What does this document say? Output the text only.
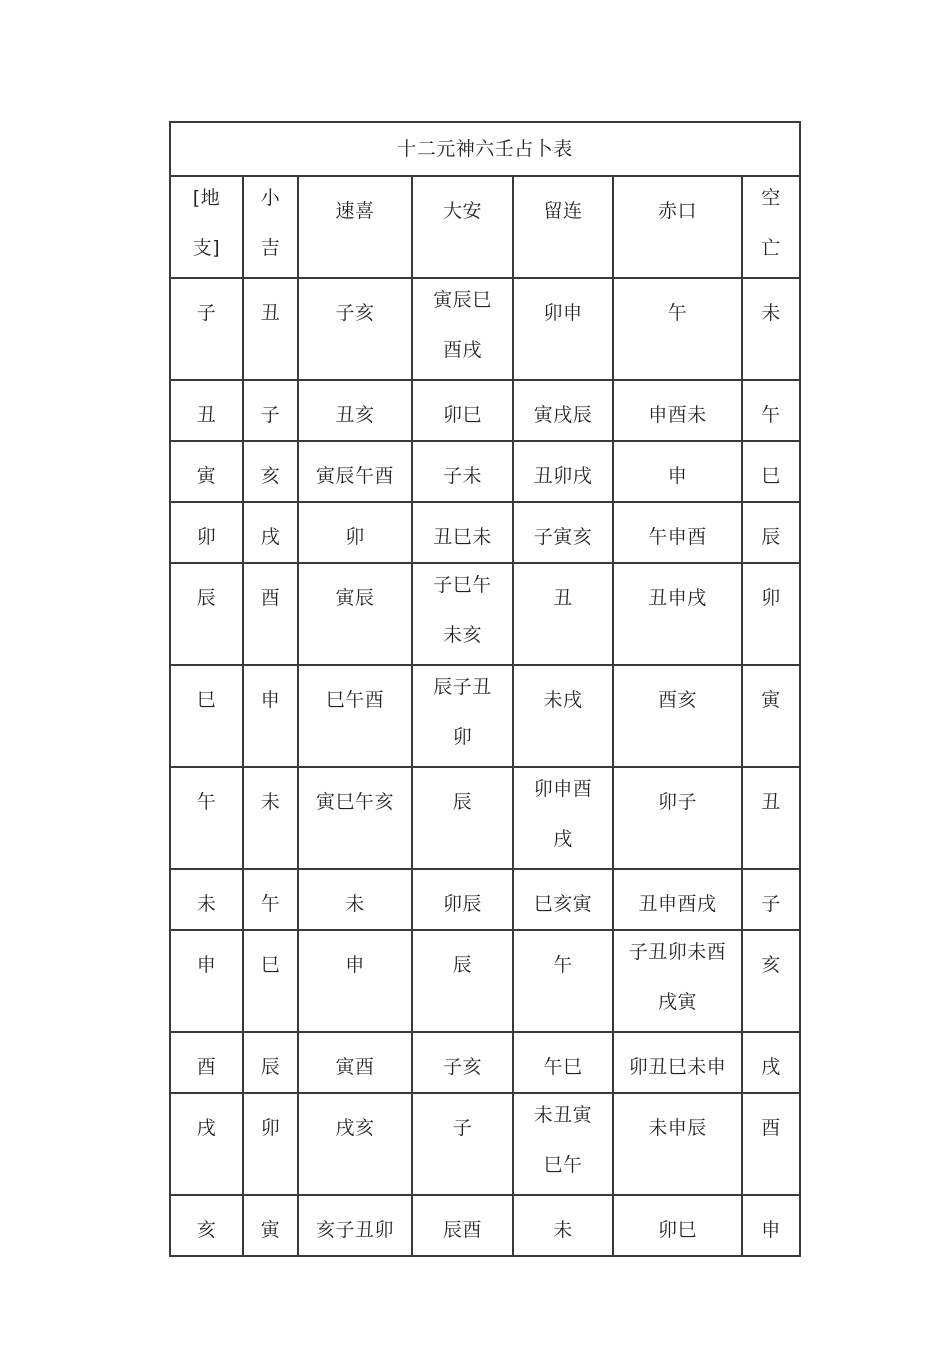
十二元神六壬占卜表						
[地支]	小吉	速喜	大安	留连	赤口	空亡
子	丑	子亥	寅辰巳酉戌	卯申	午	未
丑	子	丑亥	卯巳	寅戌辰	申酉未	午
寅	亥	寅辰午酉	子未	丑卯戌	申	巳
卯	戌	卯	丑巳未	子寅亥	午申酉	辰
辰	酉	寅辰	子巳午未亥	丑	丑申戌	卯
巳	申	巳午酉	辰子丑卯	未戌	酉亥	寅
午	未	寅巳午亥	辰	卯申酉戌	卯子	丑
未	午	未	卯辰	巳亥寅	丑申酉戌	子
申	巳	申	辰	午	子丑卯未酉戌寅	亥
酉	辰	寅酉	子亥	午巳	卯丑巳未申	戌
戌	卯	戌亥	子	未丑寅巳午	未申辰	酉
亥	寅	亥子丑卯	辰酉	未	卯巳	申
